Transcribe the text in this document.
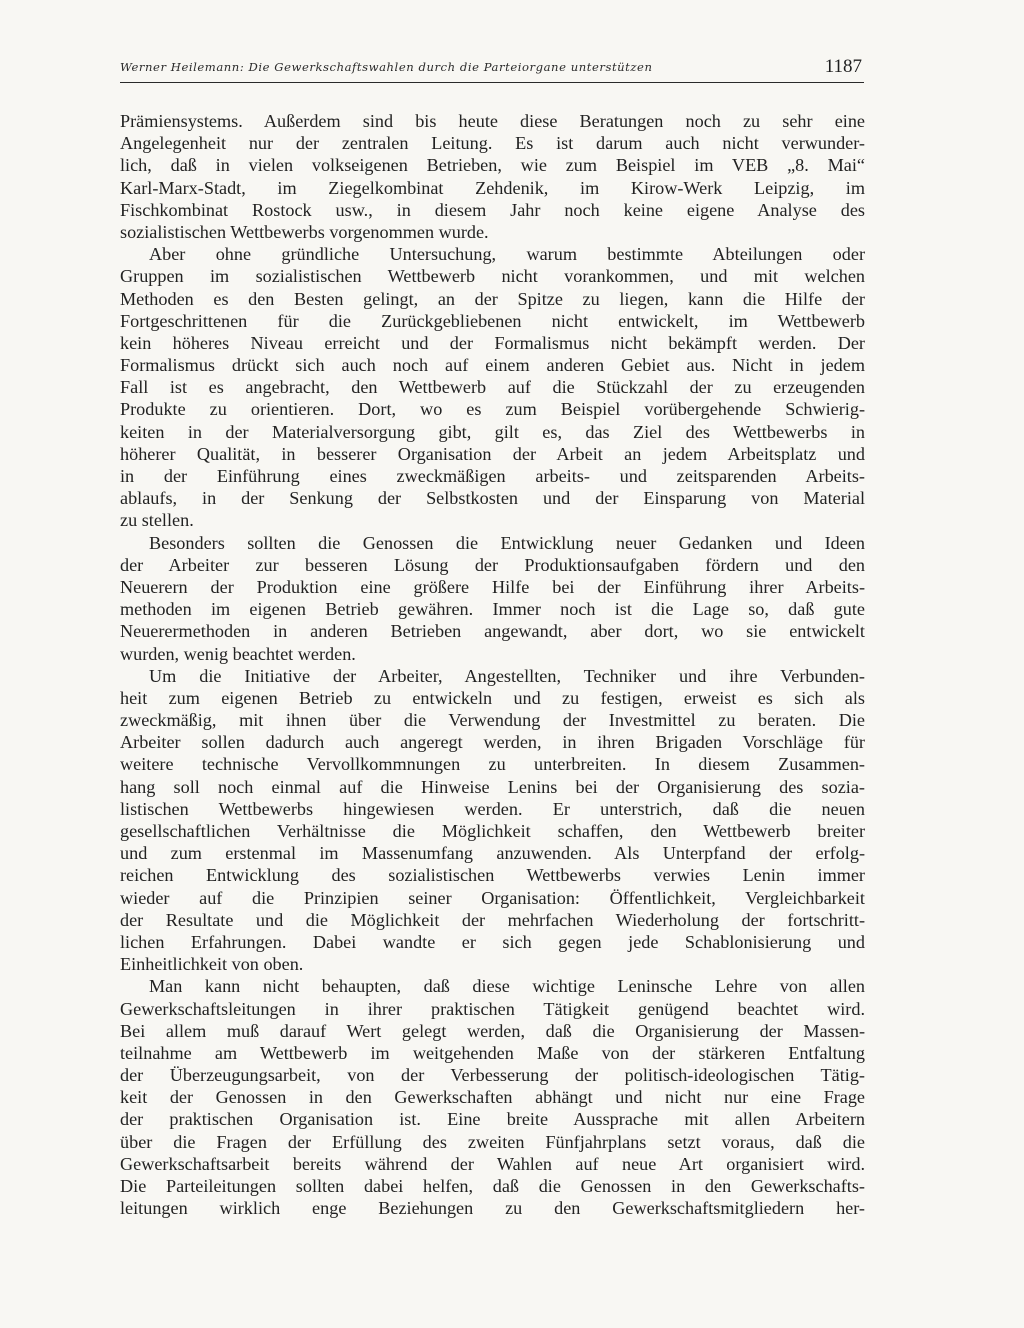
Werner Heilemann: Die Gewerkschaftswahlen durch die Parteiorgane unterstützen	1187
Prämiensystems. Außerdem sind bis heute diese Beratungen noch zu sehr eine
Angelegenheit nur der zentralen Leitung. Es ist darum auch nicht verwunder-
lich, daß in vielen volkseigenen Betrieben, wie zum Beispiel im VEB „8. Mai“
Karl-Marx-Stadt, im Ziegelkombinat Zehdenik, im Kirow-Werk Leipzig, im
Fischkombinat Rostock usw., in diesem Jahr noch keine eigene Analyse des
sozialistischen Wettbewerbs vorgenommen wurde.
Aber ohne gründliche Untersuchung, warum bestimmte Abteilungen oder
Gruppen im sozialistischen Wettbewerb nicht vorankommen, und mit welchen
Methoden es den Besten gelingt, an der Spitze zu liegen, kann die Hilfe der
Fortgeschrittenen für die Zurückgebliebenen nicht entwickelt, im Wettbewerb
kein höheres Niveau erreicht und der Formalismus nicht bekämpft werden. Der
Formalismus drückt sich auch noch auf einem anderen Gebiet aus. Nicht in jedem
Fall ist es angebracht, den Wettbewerb auf die Stückzahl der zu erzeugenden
Produkte zu orientieren. Dort, wo es zum Beispiel vorübergehende Schwierig-
keiten in der Materialversorgung gibt, gilt es, das Ziel des Wettbewerbs in
höherer Qualität, in besserer Organisation der Arbeit an jedem Arbeitsplatz und
in der Einführung eines zweckmäßigen arbeits- und zeitsparenden Arbeits-
ablaufs, in der Senkung der Selbstkosten und der Einsparung von Material
zu stellen.
Besonders sollten die Genossen die Entwicklung neuer Gedanken und Ideen
der Arbeiter zur besseren Lösung der Produktionsaufgaben fördern und den
Neuerern der Produktion eine größere Hilfe bei der Einführung ihrer Arbeits-
methoden im eigenen Betrieb gewähren. Immer noch ist die Lage so, daß gute
Neuerermethoden in anderen Betrieben angewandt, aber dort, wo sie entwickelt
wurden, wenig beachtet werden.
Um die Initiative der Arbeiter, Angestellten, Techniker und ihre Verbunden-
heit zum eigenen Betrieb zu entwickeln und zu festigen, erweist es sich als
zweckmäßig, mit ihnen über die Verwendung der Investmittel zu beraten. Die
Arbeiter sollen dadurch auch angeregt werden, in ihren Brigaden Vorschläge für
weitere technische Vervollkommnungen zu unterbreiten. In diesem Zusammen-
hang soll noch einmal auf die Hinweise Lenins bei der Organisierung des sozia-
listischen Wettbewerbs hingewiesen werden. Er unterstrich, daß die neuen
gesellschaftlichen Verhältnisse die Möglichkeit schaffen, den Wettbewerb breiter
und zum erstenmal im Massenumfang anzuwenden. Als Unterpfand der erfolg-
reichen Entwicklung des sozialistischen Wettbewerbs verwies Lenin immer
wieder auf die Prinzipien seiner Organisation: Öffentlichkeit, Vergleichbarkeit
der Resultate und die Möglichkeit der mehrfachen Wiederholung der fortschritt-
lichen Erfahrungen. Dabei wandte er sich gegen jede Schablonisierung und
Einheitlichkeit von oben.
Man kann nicht behaupten, daß diese wichtige Leninsche Lehre von allen
Gewerkschaftsleitungen in ihrer praktischen Tätigkeit genügend beachtet wird.
Bei allem muß darauf Wert gelegt werden, daß die Organisierung der Massen-
teilnahme am Wettbewerb im weitgehenden Maße von der stärkeren Entfaltung
der Überzeugungsarbeit, von der Verbesserung der politisch-ideologischen Tätig-
keit der Genossen in den Gewerkschaften abhängt und nicht nur eine Frage
der praktischen Organisation ist. Eine breite Aussprache mit allen Arbeitern
über die Fragen der Erfüllung des zweiten Fünfjahrplans setzt voraus, daß die
Gewerkschaftsarbeit bereits während der Wahlen auf neue Art organisiert wird.
Die Parteileitungen sollten dabei helfen, daß die Genossen in den Gewerkschafts-
leitungen wirklich enge Beziehungen zu den Gewerkschaftsmitgliedern her-
